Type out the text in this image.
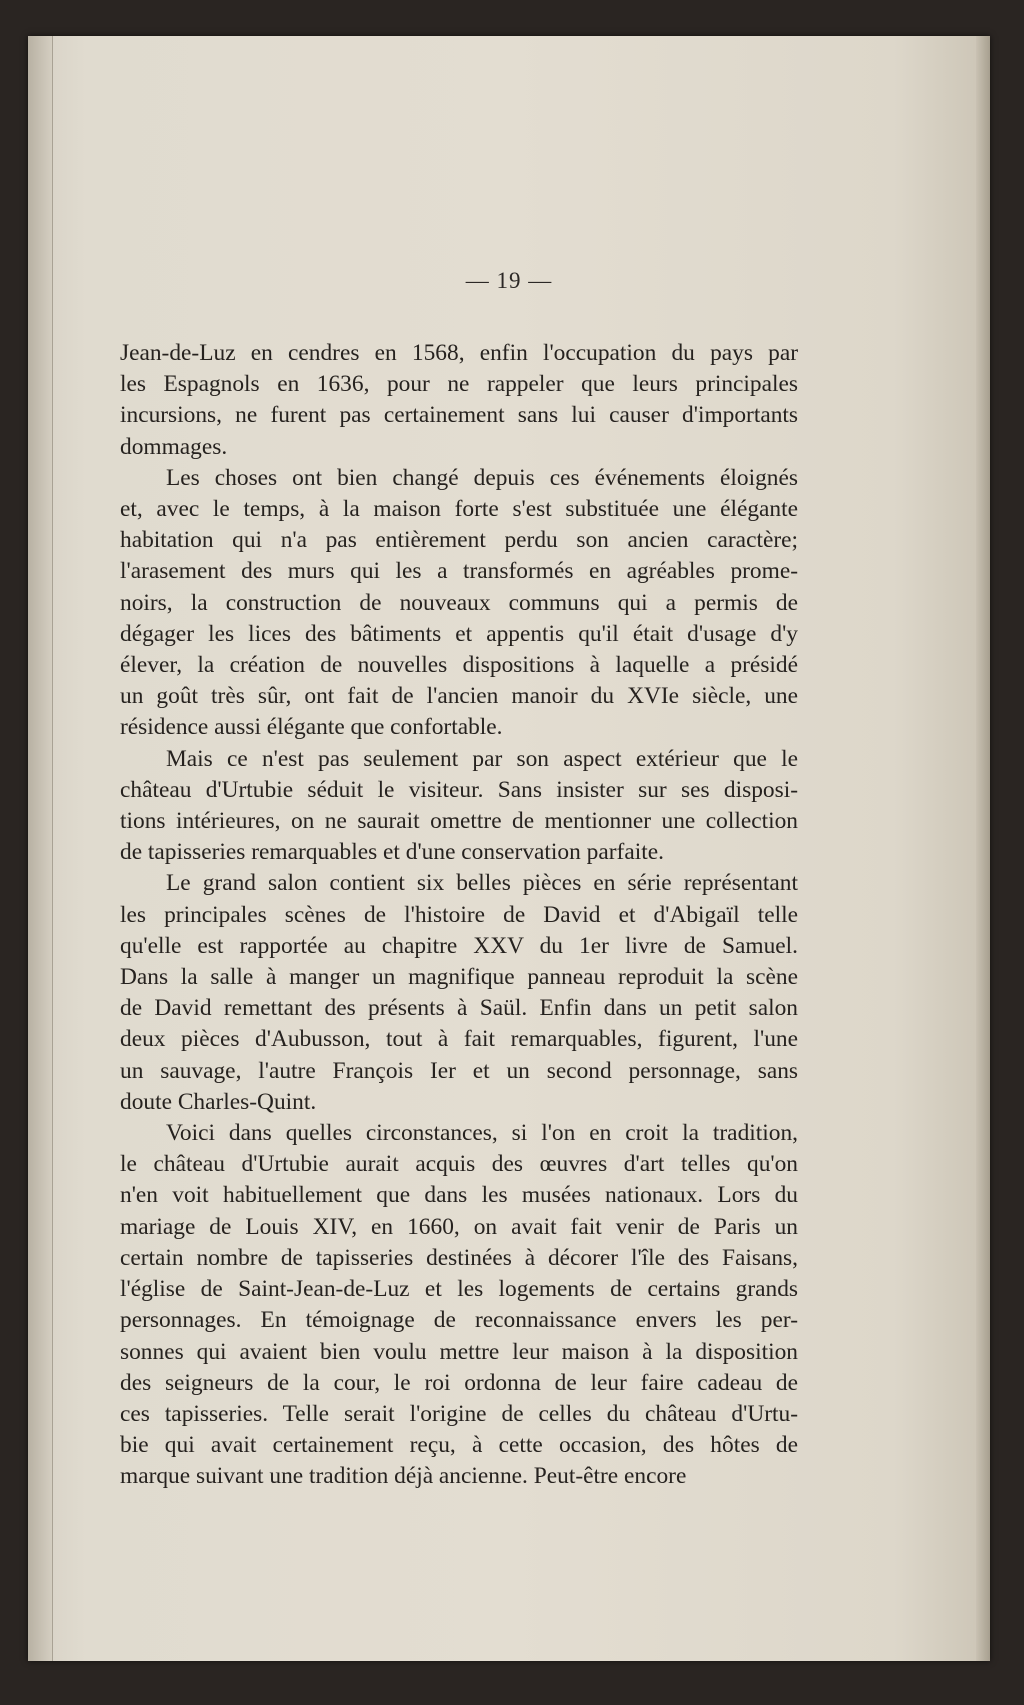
— 19 —
Jean-de-Luz en cendres en 1568, enfin l'occupation du pays par
les Espagnols en 1636, pour ne rappeler que leurs principales
incursions, ne furent pas certainement sans lui causer d'importants
dommages.
Les choses ont bien changé depuis ces événements éloignés
et, avec le temps, à la maison forte s'est substituée une élégante
habitation qui n'a pas entièrement perdu son ancien caractère;
l'arasement des murs qui les a transformés en agréables prome-
noirs, la construction de nouveaux communs qui a permis de
dégager les lices des bâtiments et appentis qu'il était d'usage d'y
élever, la création de nouvelles dispositions à laquelle a présidé
un goût très sûr, ont fait de l'ancien manoir du XVIe siècle, une
résidence aussi élégante que confortable.
Mais ce n'est pas seulement par son aspect extérieur que le
château d'Urtubie séduit le visiteur. Sans insister sur ses disposi-
tions intérieures, on ne saurait omettre de mentionner une collection
de tapisseries remarquables et d'une conservation parfaite.
Le grand salon contient six belles pièces en série représentant
les principales scènes de l'histoire de David et d'Abigaïl telle
qu'elle est rapportée au chapitre XXV du 1er livre de Samuel.
Dans la salle à manger un magnifique panneau reproduit la scène
de David remettant des présents à Saül. Enfin dans un petit salon
deux pièces d'Aubusson, tout à fait remarquables, figurent, l'une
un sauvage, l'autre François Ier et un second personnage, sans
doute Charles-Quint.
Voici dans quelles circonstances, si l'on en croit la tradition,
le château d'Urtubie aurait acquis des œuvres d'art telles qu'on
n'en voit habituellement que dans les musées nationaux. Lors du
mariage de Louis XIV, en 1660, on avait fait venir de Paris un
certain nombre de tapisseries destinées à décorer l'île des Faisans,
l'église de Saint-Jean-de-Luz et les logements de certains grands
personnages. En témoignage de reconnaissance envers les per-
sonnes qui avaient bien voulu mettre leur maison à la disposition
des seigneurs de la cour, le roi ordonna de leur faire cadeau de
ces tapisseries. Telle serait l'origine de celles du château d'Urtu-
bie qui avait certainement reçu, à cette occasion, des hôtes de
marque suivant une tradition déjà ancienne. Peut-être encore
